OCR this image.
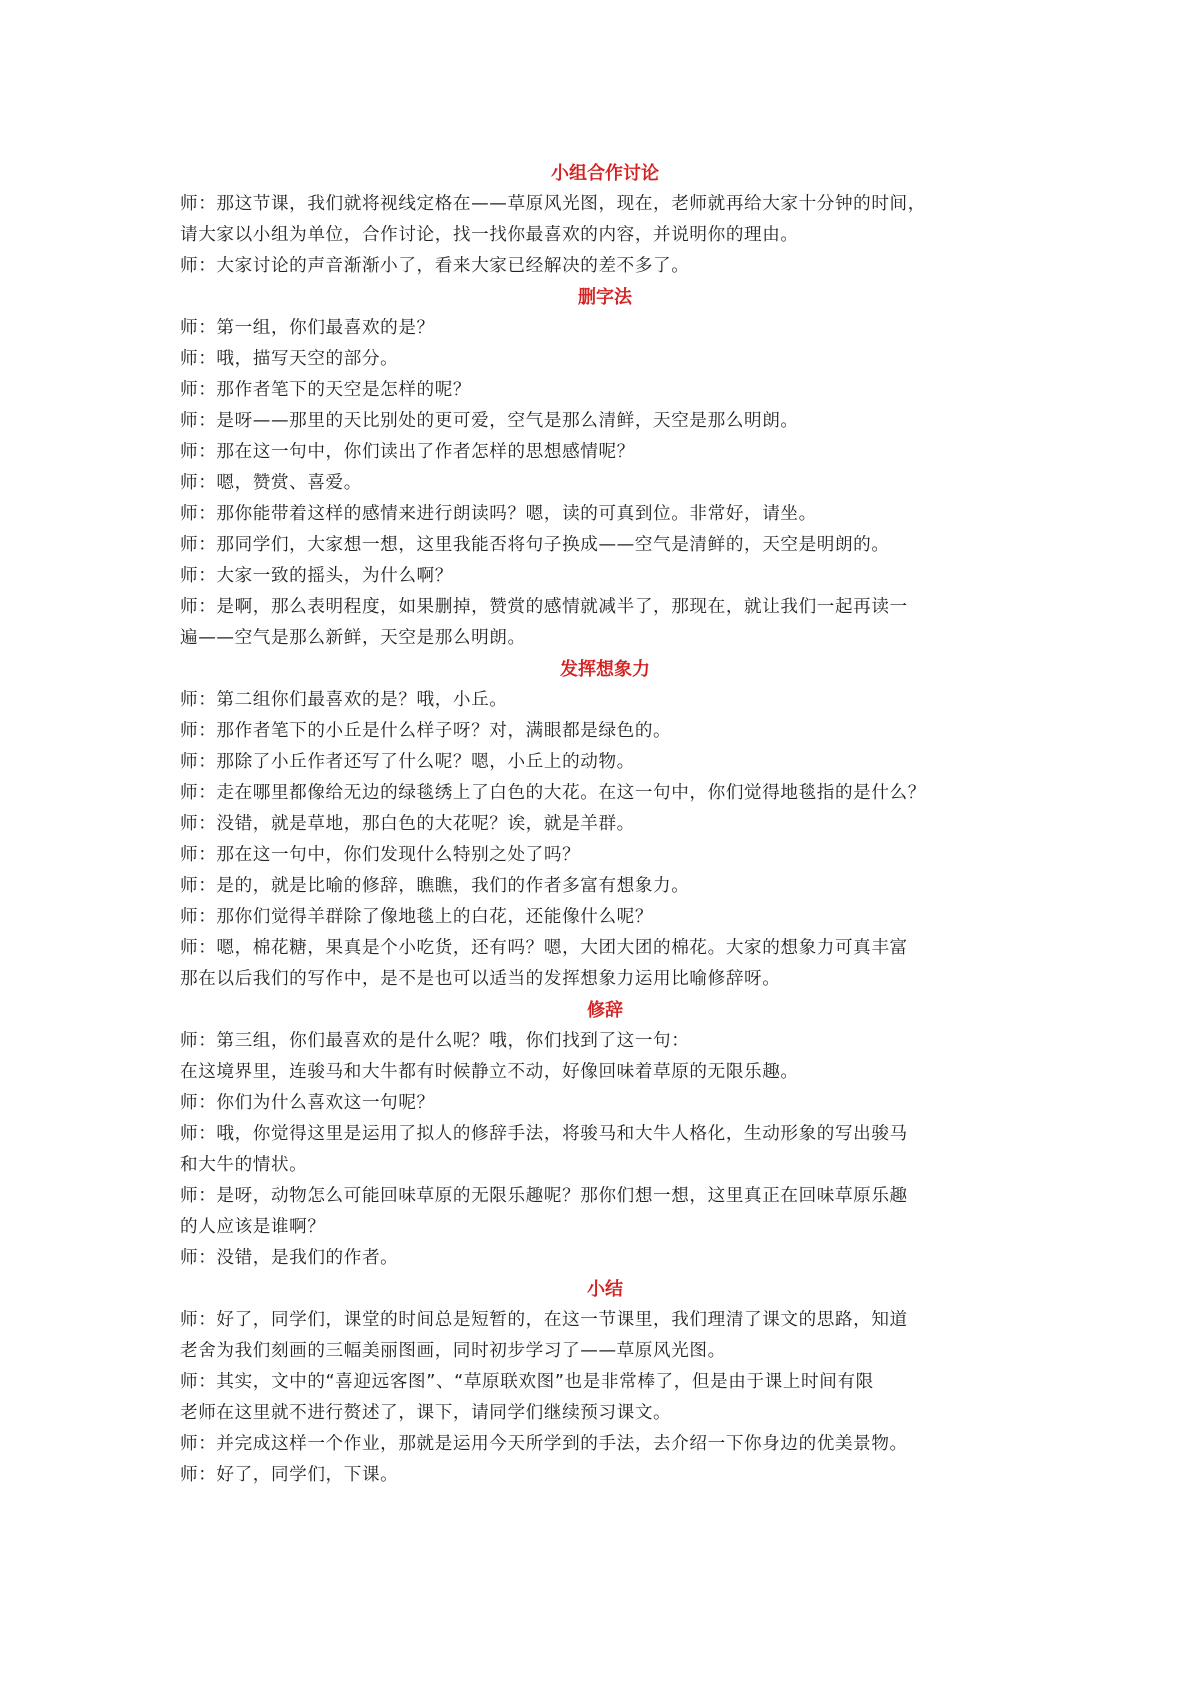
小组合作讨论

师：那这节课，我们就将视线定格在——草原风光图，现在，老师就再给大家十分钟的时间，

请大家以小组为单位，合作讨论，找一找你最喜欢的内容，并说明你的理由。

师：大家讨论的声音渐渐小了，看来大家已经解决的差不多了。

删字法

师：第一组，你们最喜欢的是？

师：哦，描写天空的部分。

师：那作者笔下的天空是怎样的呢？

师：是呀——那里的天比别处的更可爱，空气是那么清鲜，天空是那么明朗。

师：那在这一句中，你们读出了作者怎样的思想感情呢？

师：嗯，赞赏、喜爱。

师：那你能带着这样的感情来进行朗读吗？嗯，读的可真到位。非常好，请坐。

师：那同学们，大家想一想，这里我能否将句子换成——空气是清鲜的，天空是明朗的。

师：大家一致的摇头，为什么啊？

师：是啊，那么表明程度，如果删掉，赞赏的感情就减半了，那现在，就让我们一起再读一

遍——空气是那么新鲜，天空是那么明朗。

发挥想象力

师：第二组你们最喜欢的是？哦，小丘。

师：那作者笔下的小丘是什么样子呀？对，满眼都是绿色的。

师：那除了小丘作者还写了什么呢？嗯，小丘上的动物。

师：走在哪里都像给无边的绿毯绣上了白色的大花。在这一句中，你们觉得地毯指的是什么？

师：没错，就是草地，那白色的大花呢？诶，就是羊群。

师：那在这一句中，你们发现什么特别之处了吗？

师：是的，就是比喻的修辞，瞧瞧，我们的作者多富有想象力。

师：那你们觉得羊群除了像地毯上的白花，还能像什么呢？

师：嗯，棉花糖，果真是个小吃货，还有吗？嗯，大团大团的棉花。大家的想象力可真丰富

那在以后我们的写作中，是不是也可以适当的发挥想象力运用比喻修辞呀。

修辞

师：第三组，你们最喜欢的是什么呢？哦，你们找到了这一句：

在这境界里，连骏马和大牛都有时候静立不动，好像回味着草原的无限乐趣。

师：你们为什么喜欢这一句呢？

师：哦，你觉得这里是运用了拟人的修辞手法，将骏马和大牛人格化，生动形象的写出骏马

和大牛的情状。

师：是呀，动物怎么可能回味草原的无限乐趣呢？那你们想一想，这里真正在回味草原乐趣

的人应该是谁啊？

师：没错，是我们的作者。

小结

师：好了，同学们，课堂的时间总是短暂的，在这一节课里，我们理清了课文的思路，知道

老舍为我们刻画的三幅美丽图画，同时初步学习了——草原风光图。

师：其实，文中的“喜迎远客图”、“草原联欢图”也是非常棒了，但是由于课上时间有限

老师在这里就不进行赘述了，课下，请同学们继续预习课文。

师：并完成这样一个作业，那就是运用今天所学到的手法，去介绍一下你身边的优美景物。

师：好了，同学们，下课。
